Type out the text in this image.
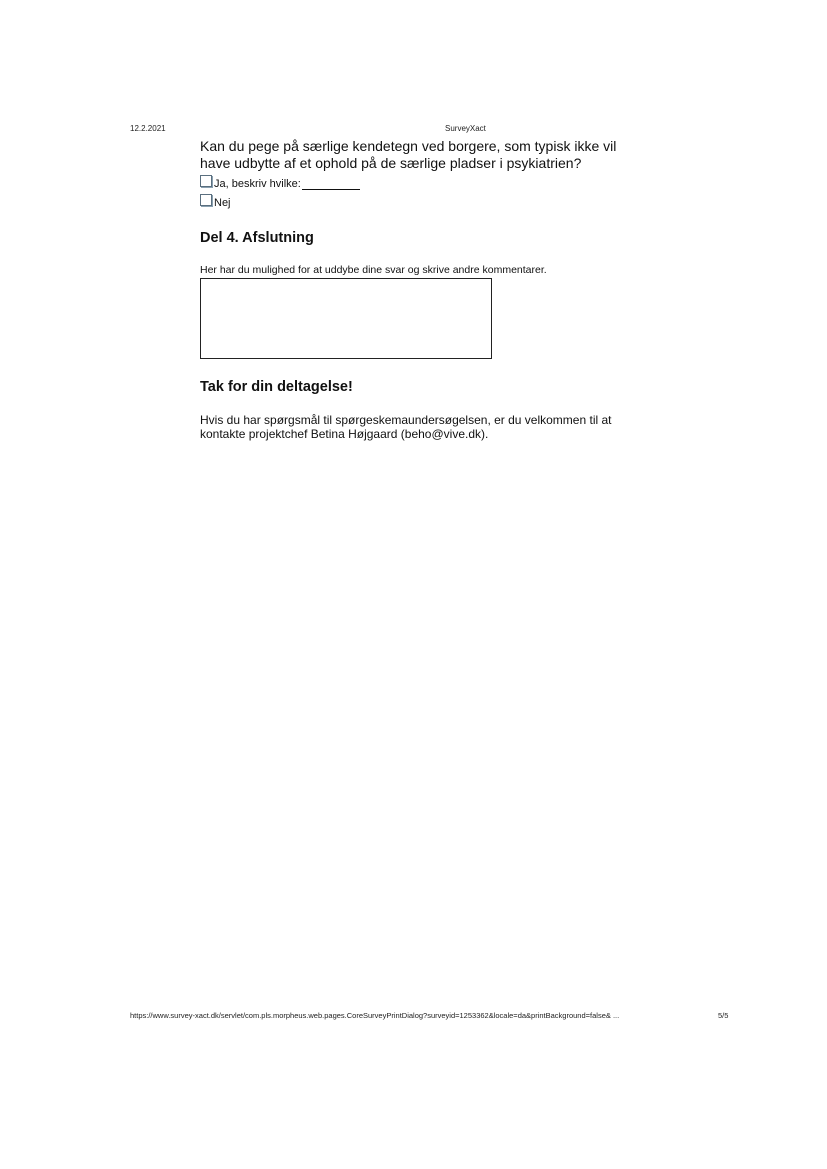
12.2.2021	SurveyXact
Kan du pege på særlige kendetegn ved borgere, som typisk ikke vil have udbytte af et ophold på de særlige pladser i psykiatrien?
Ja, beskriv hvilke:
Nej
Del 4. Afslutning
Her har du mulighed for at uddybe dine svar og skrive andre kommentarer.
Tak for din deltagelse!
Hvis du har spørgsmål til spørgeskemaundersøgelsen, er du velkommen til at kontakte projektchef Betina Højgaard (beho@vive.dk).
https://www.survey-xact.dk/servlet/com.pls.morpheus.web.pages.CoreSurveyPrintDialog?surveyid=1253362&locale=da&printBackground=false& ...	5/5
